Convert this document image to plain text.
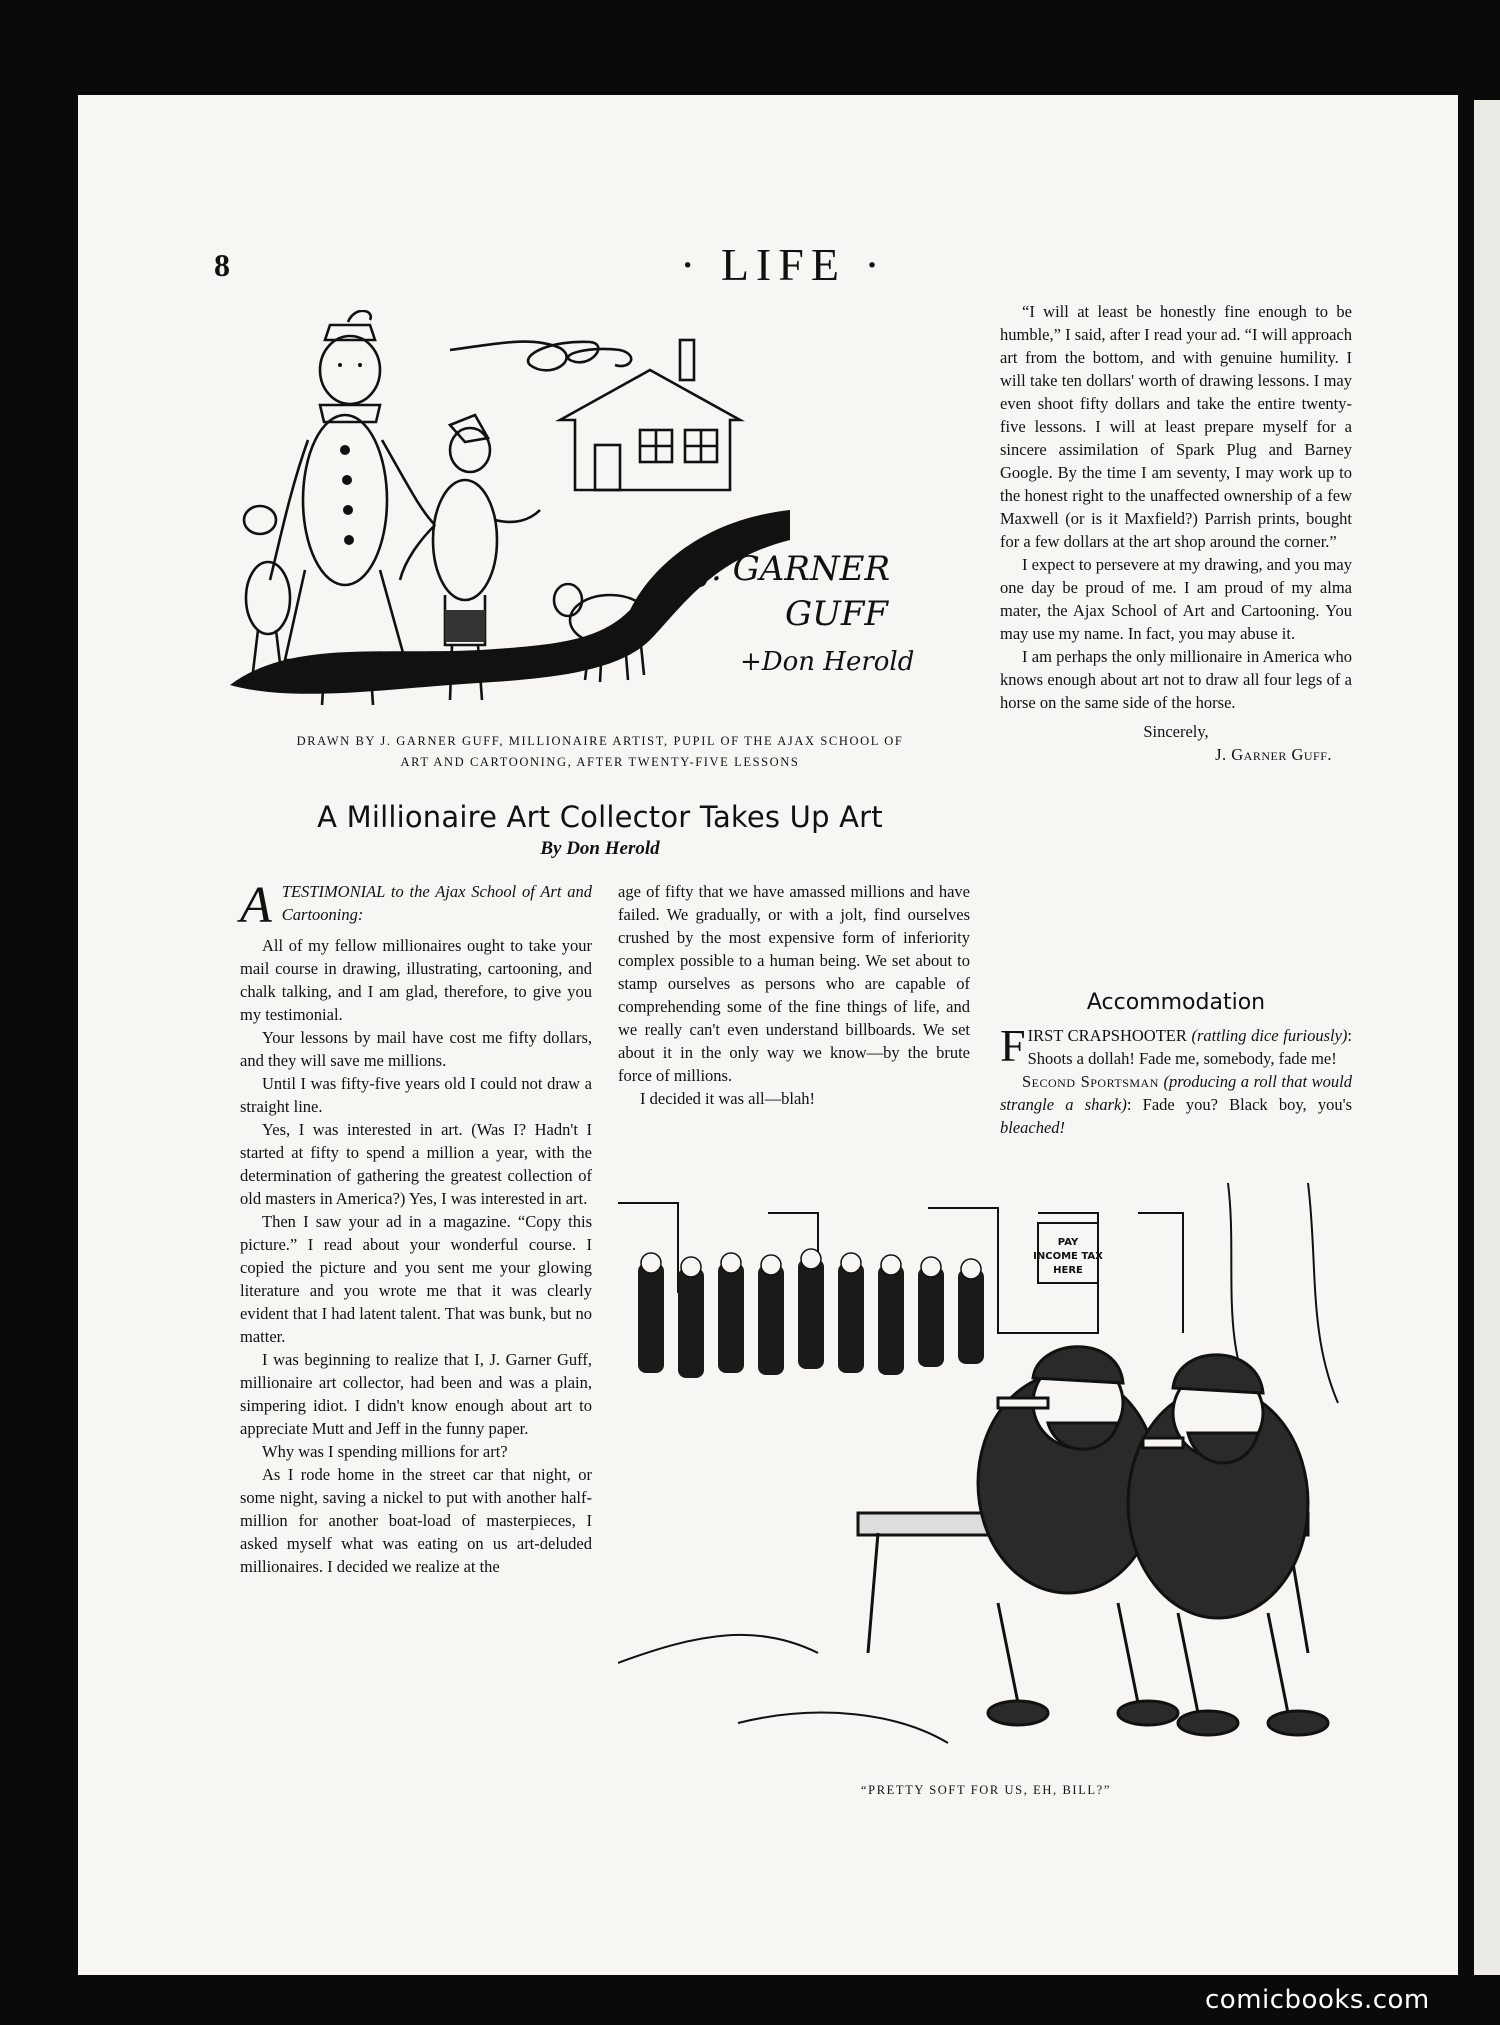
8	· LIFE ·
J. GARNER
GUFF
+Don Herold
DRAWN BY J. GARNER GUFF, MILLIONAIRE ARTIST, PUPIL OF THE AJAX SCHOOL OF
ART AND CARTOONING, AFTER TWENTY-FIVE LESSONS
A Millionaire Art Collector Takes Up Art
By Don Herold
A TESTIMONIAL to the Ajax School of Art and Cartooning:

All of my fellow millionaires ought to take your mail course in drawing, illustrating, cartooning, and chalk talking, and I am glad, therefore, to give you my testimonial.

Your lessons by mail have cost me fifty dollars, and they will save me millions.

Until I was fifty-five years old I could not draw a straight line.

Yes, I was interested in art. (Was I? Hadn't I started at fifty to spend a million a year, with the determination of gathering the greatest collection of old masters in America?) Yes, I was interested in art.

Then I saw your ad in a magazine. “Copy this picture.” I read about your wonderful course. I copied the picture and you sent me your glowing literature and you wrote me that it was clearly evident that I had latent talent. That was bunk, but no matter.

I was beginning to realize that I, J. Garner Guff, millionaire art collector, had been and was a plain, simpering idiot. I didn't know enough about art to appreciate Mutt and Jeff in the funny paper.

Why was I spending millions for art?

As I rode home in the street car that night, or some night, saving a nickel to put with another half-million for another boat-load of masterpieces, I asked myself what was eating on us art-deluded millionaires. I decided we realize at the

age of fifty that we have amassed millions and have failed. We gradually, or with a jolt, find ourselves crushed by the most expensive form of inferiority complex possible to a human being. We set about to stamp ourselves as persons who are capable of comprehending some of the fine things of life, and we really can't even understand billboards. We set about it in the only way we know—by the brute force of millions.

I decided it was all—blah!

“I will at least be honestly fine enough to be humble,” I said, after I read your ad. “I will approach art from the bottom, and with genuine humility. I will take ten dollars' worth of drawing lessons. I may even shoot fifty dollars and take the entire twenty-five lessons. I will at least prepare myself for a sincere assimilation of Spark Plug and Barney Google. By the time I am seventy, I may work up to the honest right to the unaffected ownership of a few Maxwell (or is it Maxfield?) Parrish prints, bought for a few dollars at the art shop around the corner.”

I expect to persevere at my drawing, and you may one day be proud of me. I am proud of my alma mater, the Ajax School of Art and Cartooning. You may use my name. In fact, you may abuse it.

I am perhaps the only millionaire in America who knows enough about art not to draw all four legs of a horse on the same side of the horse.

Sincerely,

J. Garner Guff.

Accommodation

FIRST CRAPSHOOTER (rattling dice furiously): Shoots a dollah! Fade me, somebody, fade me!

Second Sportsman (producing a roll that would strangle a shark): Fade you? Black boy, you's bleached!

PAY
INCOME TAX
HERE
“PRETTY SOFT FOR US, EH, BILL?”
comicbooks.com
